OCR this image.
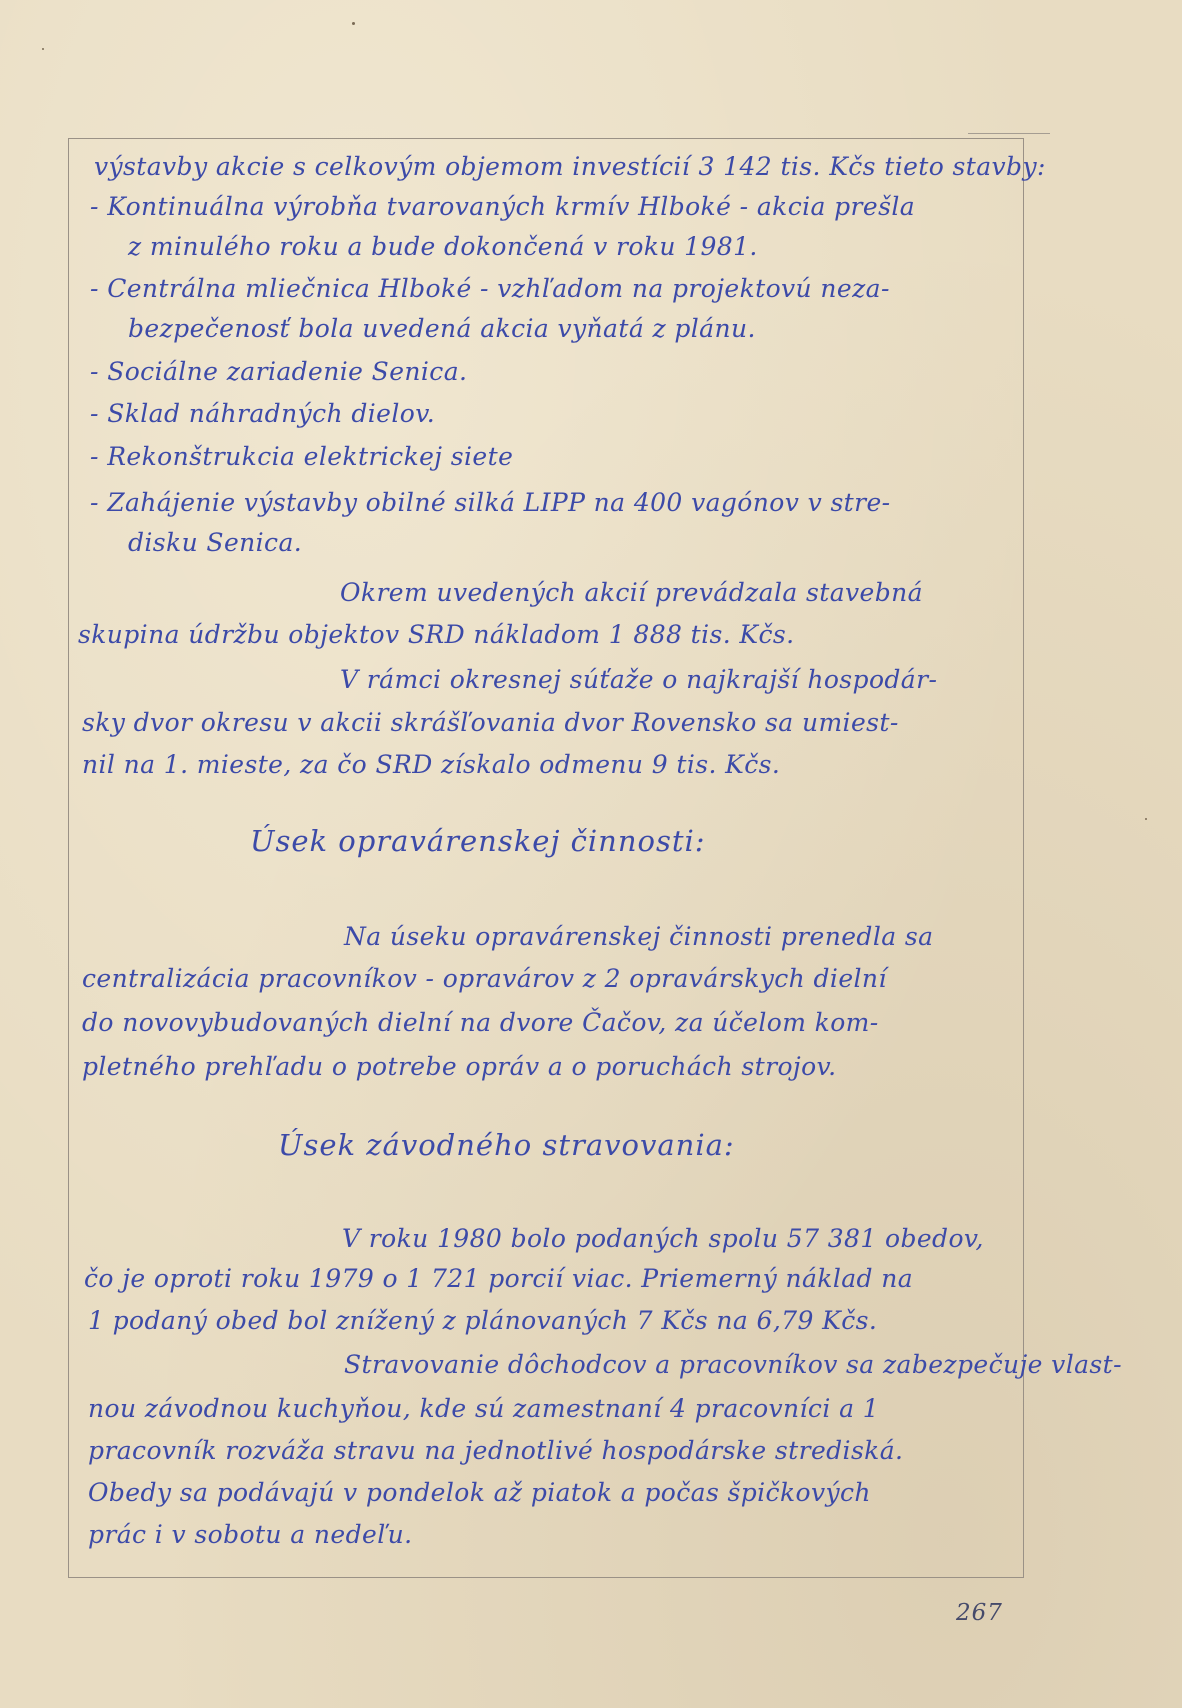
výstavby akcie s celkovým objemom investícií 3 142 tis. Kčs tieto stavby:
- Kontinuálna výrobňa tvarovaných krmív Hlboké - akcia prešla
z minulého roku a bude dokončená v roku 1981.
- Centrálna mliečnica Hlboké - vzhľadom na projektovú neza-
bezpečenosť bola uvedená akcia vyňatá z plánu.
- Sociálne zariadenie Senica.
- Sklad náhradných dielov.
- Rekonštrukcia elektrickej siete
- Zahájenie výstavby obilné silká LIPP na 400 vagónov v stre-
disku Senica.
Okrem uvedených akcií prevádzala stavebná
skupina údržbu objektov SRD nákladom 1 888 tis. Kčs.
V rámci okresnej súťaže o najkrajší hospodár-
sky dvor okresu v akcii skrášľovania dvor Rovensko sa umiest-
nil na 1. mieste, za čo SRD získalo odmenu 9 tis. Kčs.
Úsek opravárenskej činnosti:
Na úseku opravárenskej činnosti prenedla sa
centralizácia pracovníkov - opravárov z 2 opravárskych dielní
do novovybudovaných dielní na dvore Čačov, za účelom kom-
pletného prehľadu o potrebe opráv a o poruchách strojov.
Úsek závodného stravovania:
V roku 1980 bolo podaných spolu 57 381 obedov,
čo je oproti roku 1979 o 1 721 porcií viac. Priemerný náklad na
1 podaný obed bol znížený z plánovaných 7 Kčs na 6,79 Kčs.
Stravovanie dôchodcov a pracovníkov sa zabezpečuje vlast-
nou závodnou kuchyňou, kde sú zamestnaní 4 pracovníci a 1
pracovník rozváža stravu na jednotlivé hospodárske strediská.
Obedy sa podávajú v pondelok až piatok a počas špičkových
prác i v sobotu a nedeľu.
267
